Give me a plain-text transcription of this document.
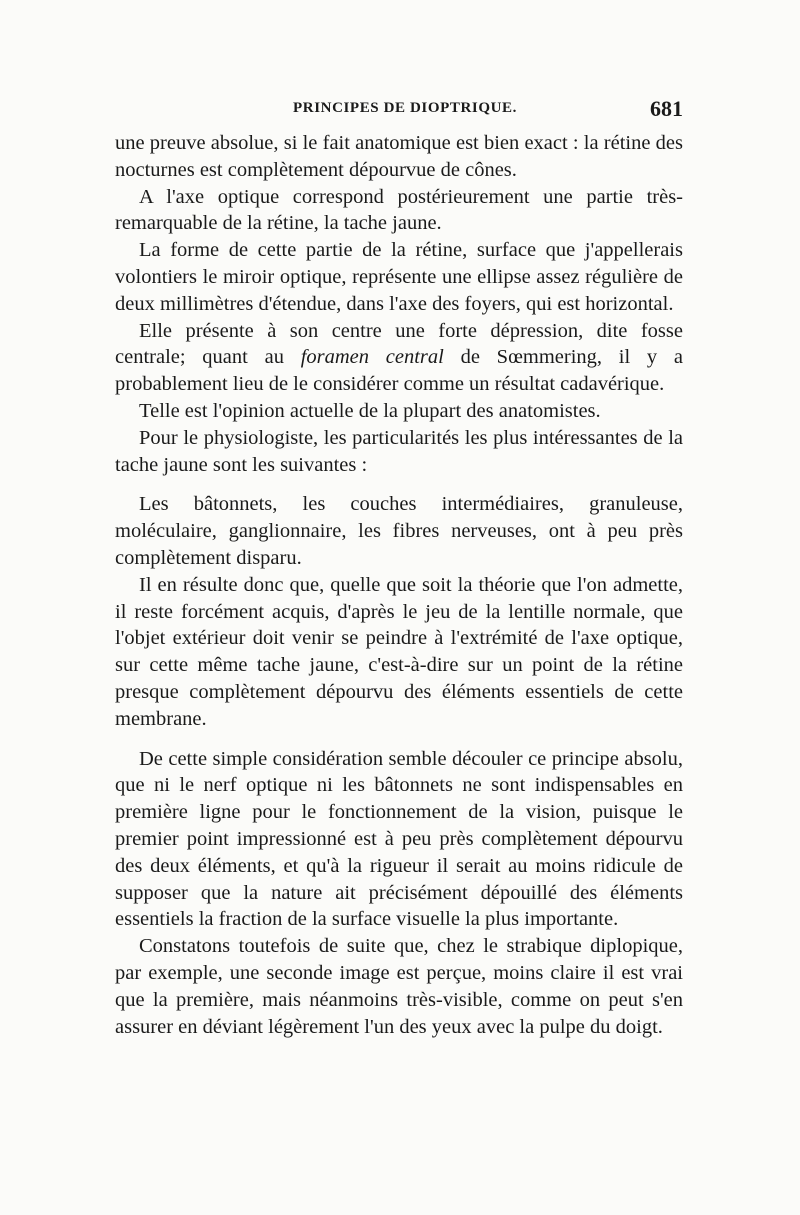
PRINCIPES DE DIOPTRIQUE.	681

une preuve absolue, si le fait anatomique est bien exact : la rétine des nocturnes est complètement dépourvue de cônes.

A l'axe optique correspond postérieurement une partie très-remarquable de la rétine, la tache jaune.

La forme de cette partie de la rétine, surface que j'appellerais volontiers le miroir optique, représente une ellipse assez régulière de deux millimètres d'étendue, dans l'axe des foyers, qui est horizontal.

Elle présente à son centre une forte dépression, dite fosse centrale; quant au foramen central de Sœmmering, il y a probablement lieu de le considérer comme un résultat cadavérique.

Telle est l'opinion actuelle de la plupart des anatomistes.

Pour le physiologiste, les particularités les plus intéressantes de la tache jaune sont les suivantes :

Les bâtonnets, les couches intermédiaires, granuleuse, moléculaire, ganglionnaire, les fibres nerveuses, ont à peu près complètement disparu.

Il en résulte donc que, quelle que soit la théorie que l'on admette, il reste forcément acquis, d'après le jeu de la lentille normale, que l'objet extérieur doit venir se peindre à l'extrémité de l'axe optique, sur cette même tache jaune, c'est-à-dire sur un point de la rétine presque complètement dépourvu des éléments essentiels de cette membrane.

De cette simple considération semble découler ce principe absolu, que ni le nerf optique ni les bâtonnets ne sont indispensables en première ligne pour le fonctionnement de la vision, puisque le premier point impressionné est à peu près complètement dépourvu des deux éléments, et qu'à la rigueur il serait au moins ridicule de supposer que la nature ait précisément dépouillé des éléments essentiels la fraction de la surface visuelle la plus importante.

Constatons toutefois de suite que, chez le strabique diplopique, par exemple, une seconde image est perçue, moins claire il est vrai que la première, mais néanmoins très-visible, comme on peut s'en assurer en déviant légèrement l'un des yeux avec la pulpe du doigt.
